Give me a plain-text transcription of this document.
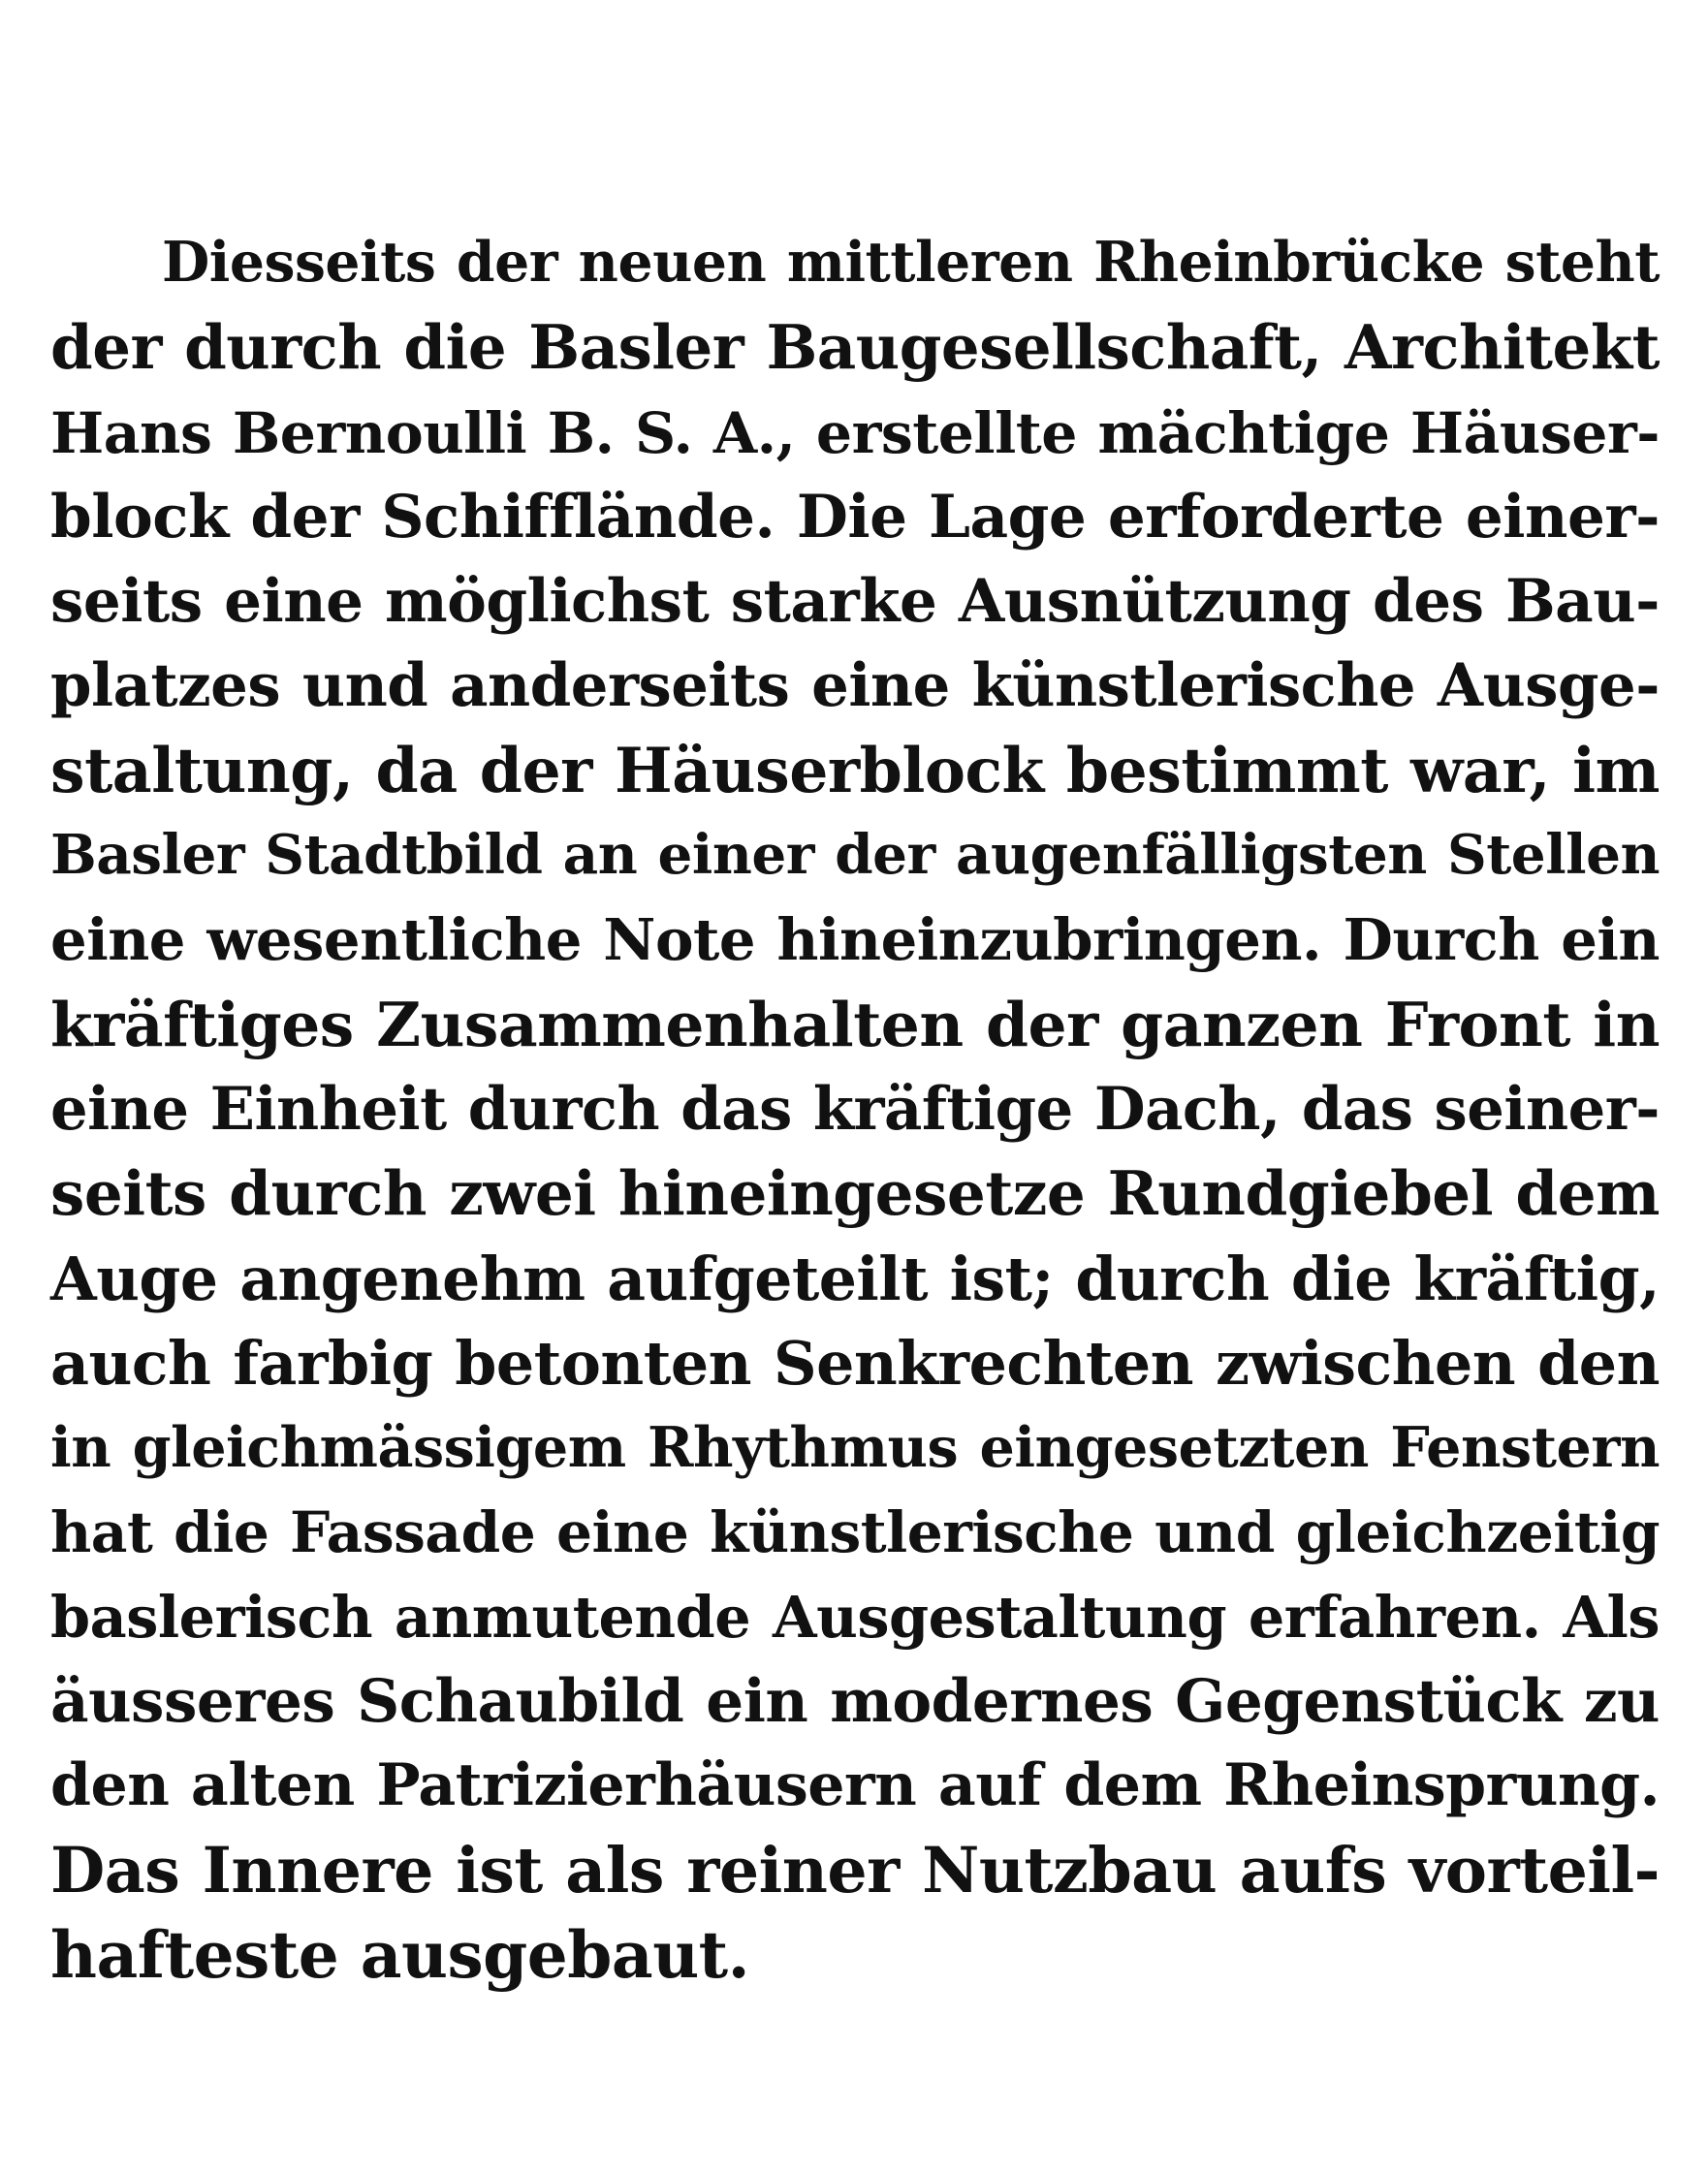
Diesseits der neuen mittleren Rheinbrücke steht
der durch die Basler Baugesellschaft, Architekt
Hans Bernoulli B. S. A., erstellte mächtige Häuser-
block der Schifflände. Die Lage erforderte einer-
seits eine möglichst starke Ausnützung des Bau-
platzes und anderseits eine künstlerische Ausge-
staltung, da der Häuserblock bestimmt war, im
Basler Stadtbild an einer der augenfälligsten Stellen
eine wesentliche Note hineinzubringen. Durch ein
kräftiges Zusammenhalten der ganzen Front in
eine Einheit durch das kräftige Dach, das seiner-
seits durch zwei hineingesetze Rundgiebel dem
Auge angenehm aufgeteilt ist; durch die kräftig,
auch farbig betonten Senkrechten zwischen den
in gleichmässigem Rhythmus eingesetzten Fenstern
hat die Fassade eine künstlerische und gleichzeitig
baslerisch anmutende Ausgestaltung erfahren. Als
äusseres Schaubild ein modernes Gegenstück zu
den alten Patrizierhäusern auf dem Rheinsprung.
Das Innere ist als reiner Nutzbau aufs vorteil-
hafteste ausgebaut.
